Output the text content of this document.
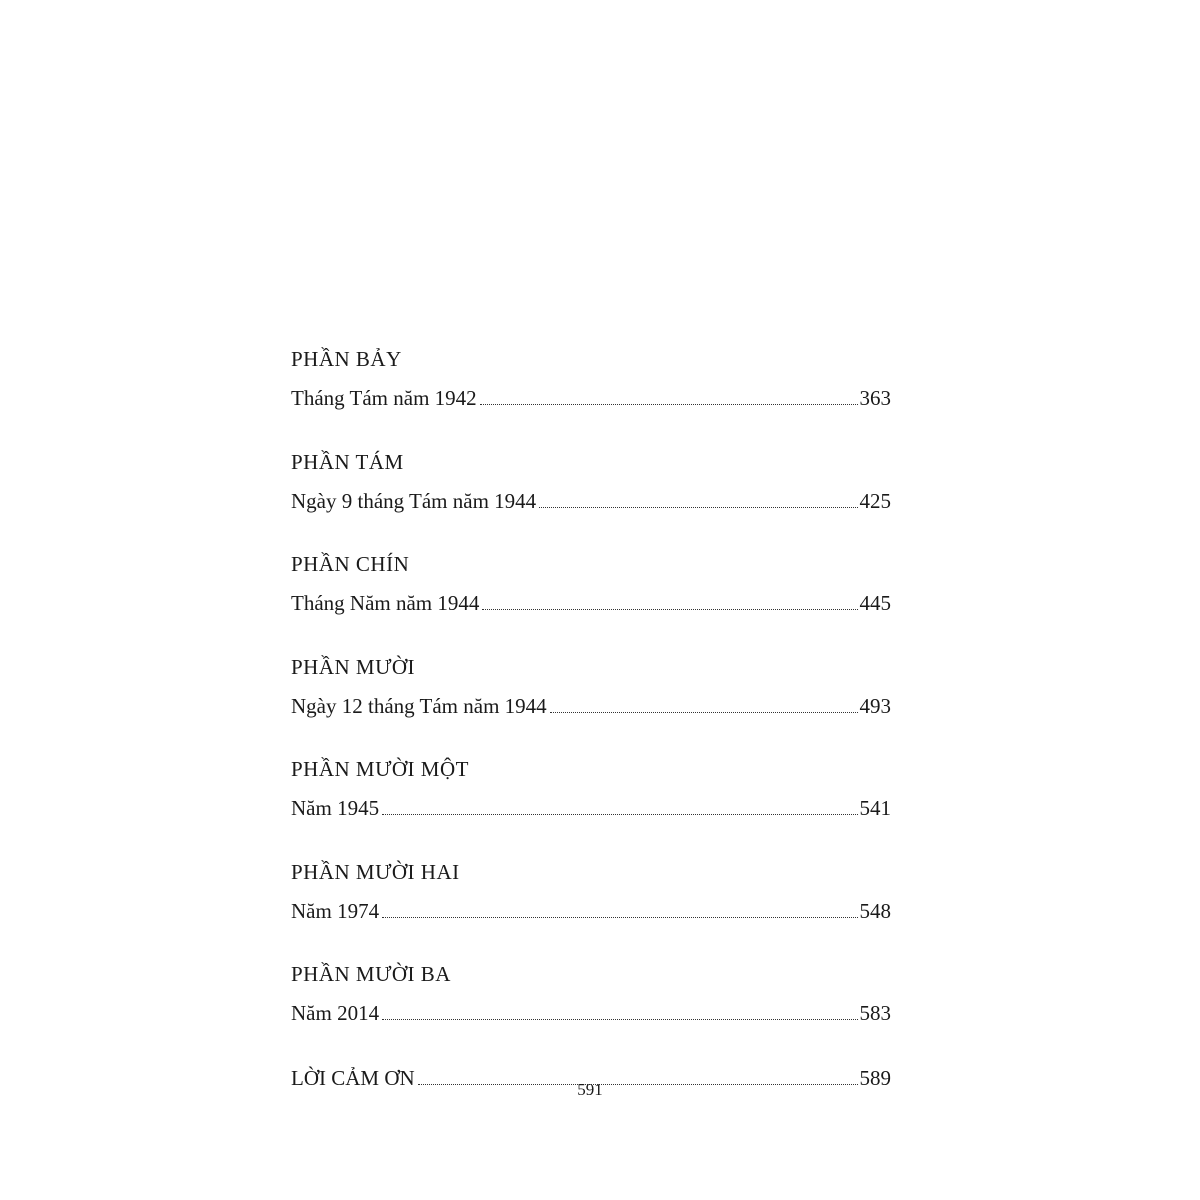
PHẦN BẢY
Tháng Tám năm 1942	363
PHẦN TÁM
Ngày 9 tháng Tám năm 1944	425
PHẦN CHÍN
Tháng Năm năm 1944	445
PHẦN MƯỜI
Ngày 12 tháng Tám năm 1944	493
PHẦN MƯỜI MỘT
Năm 1945	541
PHẦN MƯỜI HAI
Năm 1974	548
PHẦN MƯỜI BA
Năm 2014	583
LỜI CẢM ƠN	589
591
